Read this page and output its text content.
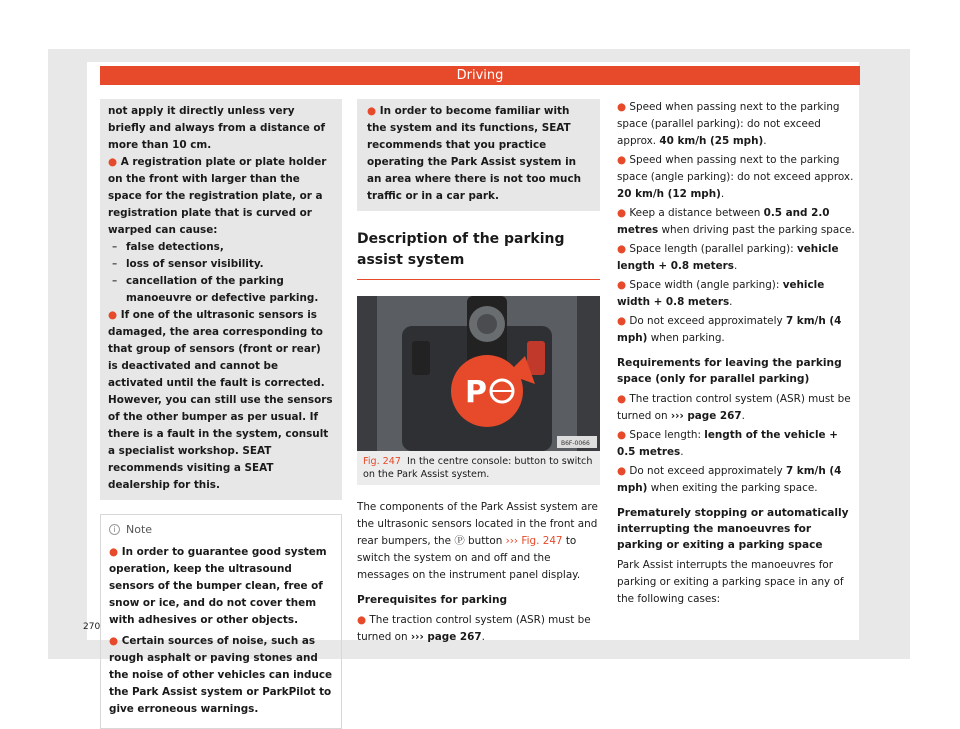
Driving

not apply it directly unless very briefly and always from a distance of more than 10 cm.

● A registration plate or plate holder on the front with larger than the space for the registration plate, or a registration plate that is curved or warped can cause:

– false detections,

– loss of sensor visibility.

– cancellation of the parking manoeuvre or defective parking.

● If one of the ultrasonic sensors is damaged, the area corresponding to that group of sensors (front or rear) is deactivated and cannot be activated until the fault is corrected. However, you can still use the sensors of the other bumper as per usual. If there is a fault in the system, consult a specialist workshop. SEAT recommends visiting a SEAT dealership for this.

i Note

● In order to guarantee good system operation, keep the ultrasound sensors of the bumper clean, free of snow or ice, and do not cover them with adhesives or other objects.

● Certain sources of noise, such as rough asphalt or paving stones and the noise of other vehicles can induce the Park Assist system or ParkPilot to give erroneous warnings.

● In order to become familiar with the system and its functions, SEAT recommends that you practice operating the Park Assist system in an area where there is not too much traffic or in a car park.

Description of the parking assist system
P
B6F-0066
Fig. 247 In the centre console: button to switch on the Park Assist system.

The components of the Park Assist system are the ultrasonic sensors located in the front and rear bumpers, the Ⓟ button ››› Fig. 247 to switch the system on and off and the messages on the instrument panel display.

Prerequisites for parking

● The traction control system (ASR) must be turned on ››› page 267.

● Speed when passing next to the parking space (parallel parking): do not exceed approx. 40 km/h (25 mph).

● Speed when passing next to the parking space (angle parking): do not exceed approx. 20 km/h (12 mph).

● Keep a distance between 0.5 and 2.0 metres when driving past the parking space.

● Space length (parallel parking): vehicle length + 0.8 meters.

● Space width (angle parking): vehicle width + 0.8 meters.

● Do not exceed approximately 7 km/h (4 mph) when parking.

Requirements for leaving the parking space (only for parallel parking)

● The traction control system (ASR) must be turned on ››› page 267.

● Space length: length of the vehicle + 0.5 metres.

● Do not exceed approximately 7 km/h (4 mph) when exiting the parking space.

Prematurely stopping or automatically interrupting the manoeuvres for parking or exiting a parking space

Park Assist interrupts the manoeuvres for parking or exiting a parking space in any of the following cases:

270
